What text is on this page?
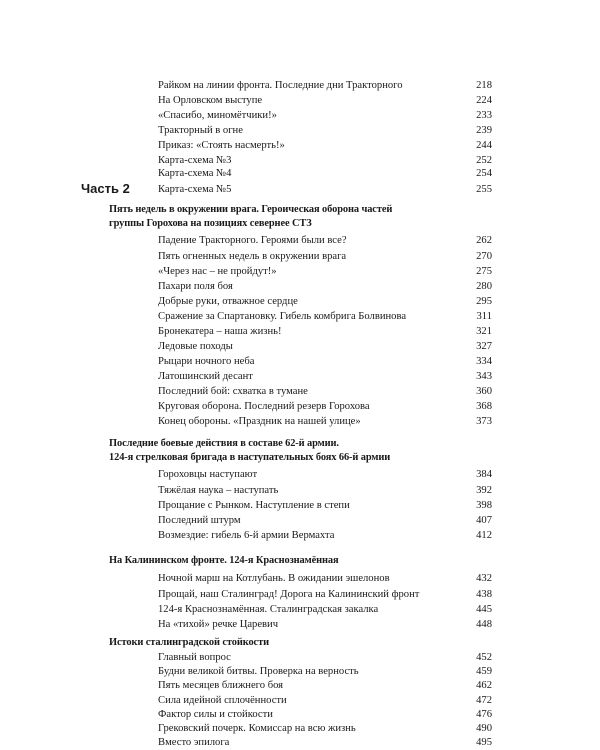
Райком на линии фронта. Последние дни Тракторного	218
На Орловском выступе	224
«Спасибо, миномётчики!»	233
Тракторный в огне	239
Приказ: «Стоять насмерть!»	244
Карта-схема №3	252
Карта-схема №4	254
Карта-схема №5	255
Часть 2
Пять недель в окружении врага. Героическая оборона частей
группы Горохова на позициях севернее СТЗ
Падение Тракторного. Героями были все?	262
Пять огненных недель в окружении врага	270
«Через нас – не пройдут!»	275
Пахари поля боя	280
Добрые руки, отважное сердце	295
Сражение за Спартановку. Гибель комбрига Болвинова	311
Бронекатера – наша жизнь!	321
Ледовые походы	327
Рыцари ночного неба	334
Латошинский десант	343
Последний бой: схватка в тумане	360
Круговая оборона. Последний резерв Горохова	368
Конец обороны. «Праздник на нашей улице»	373
Последние боевые действия в составе 62-й армии.
124-я стрелковая бригада в наступательных боях 66-й армии
Гороховцы наступают	384
Тяжёлая наука – наступать	392
Прощание с Рынком. Наступление в степи	398
Последний штурм	407
Возмездие: гибель 6-й армии Вермахта	412
На Калининском фронте. 124-я Краснознамённая
Ночной марш на Котлубань. В ожидании эшелонов	432
Прощай, наш Сталинград! Дорога на Калининский фронт	438
124-я Краснознамённая. Сталинградская закалка	445
На «тихой» речке Царевич	448
Истоки сталинградской стойкости
Главный вопрос	452
Будни великой битвы. Проверка на верность	459
Пять месяцев ближнего боя	462
Сила идейной сплочённости	472
Фактор силы и стойкости	476
Грековский почерк. Комиссар на всю жизнь	490
Вместо эпилога	495
